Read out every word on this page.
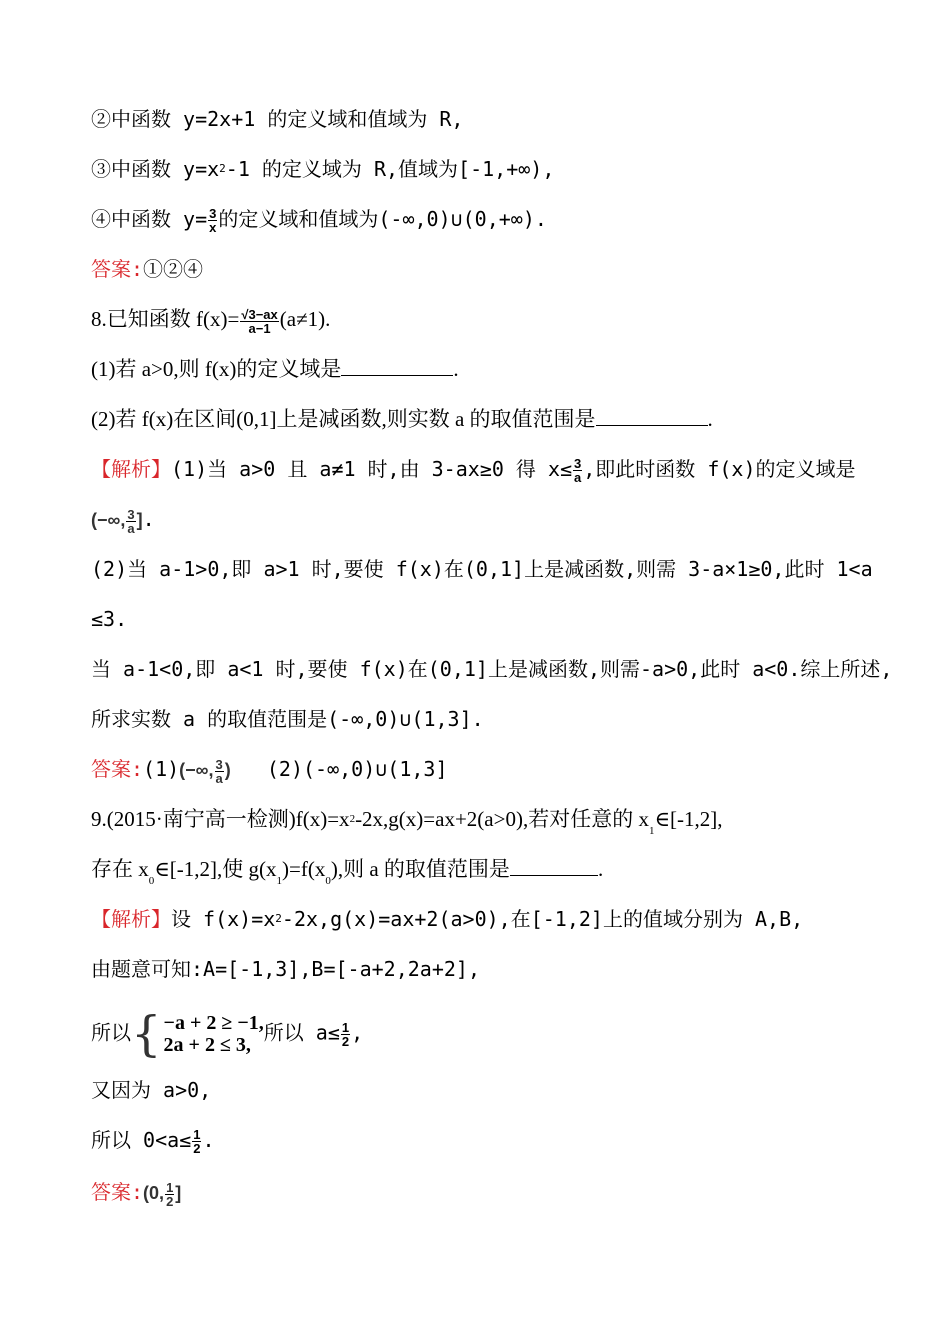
②中函数 y=2x+1 的定义域和值域为 R,
③中函数 $y=x^2-1$ 的定义域为 R,值域为[-1,+∞),
④中函数 $y= \frac{3}{x}$ 的定义域和值域为(-∞,0)∪(0,+∞).
答案:①②④
8.已知函数 $f(x)= \frac{√3-ax}{a-1} (a\ne 1)$.
(1)若 a>0,则 f(x)的定义域是	.
(2)若 f(x)在区间(0,1]上是减函数,则实数 a 的取值范围是	.
【解析】(1)当 a>0 且 a≠1 时,由 3-ax≥0 得 $x\le \frac{3}{a}$ ,即此时函数 f(x)的定义域是
(−∞, $\frac{3}{a}$ ].
(2)当 a-1>0,即 a>1 时,要使 f(x)在(0,1]上是减函数,则需 3-a×1≥0,此时 1<a
≤3.
当 a-1<0,即 a<1 时,要使 f(x)在(0,1]上是减函数,则需-a>0,此时 a<0.综上所述,
所求实数 a 的取值范围是(-∞,0)∪(1,3].
答案:(1)(−∞, $\frac{3}{a}$ ) (2)(-∞,0)∪(1,3]
9.(2015·南宁高一检测)$f(x)=x^2-2x,g(x)=ax+2(a>0)$,若对任意的 $x_1\in[-1,2]$,
存在 $x_0\in[-1,2]$,使 $g(x_1)=f(x_0)$,则 a 的取值范围是	.
【解析】设 $f(x)=x^2-2x,g(x)=ax+2(a>0)$,在[-1,2]上的值域分别为 A,B,
由题意可知:A=[-1,3],B=[-a+2,2a+2],
所以{ −a + 2 ≥ −1,
2a + 2 ≤ 3,
所以 $a\le \frac{1}{2}$ ,
又因为 a>0,
所以 $0<a\le \frac{1}{2}$ .
答案:(0, $\frac{1}{2}$ ]
